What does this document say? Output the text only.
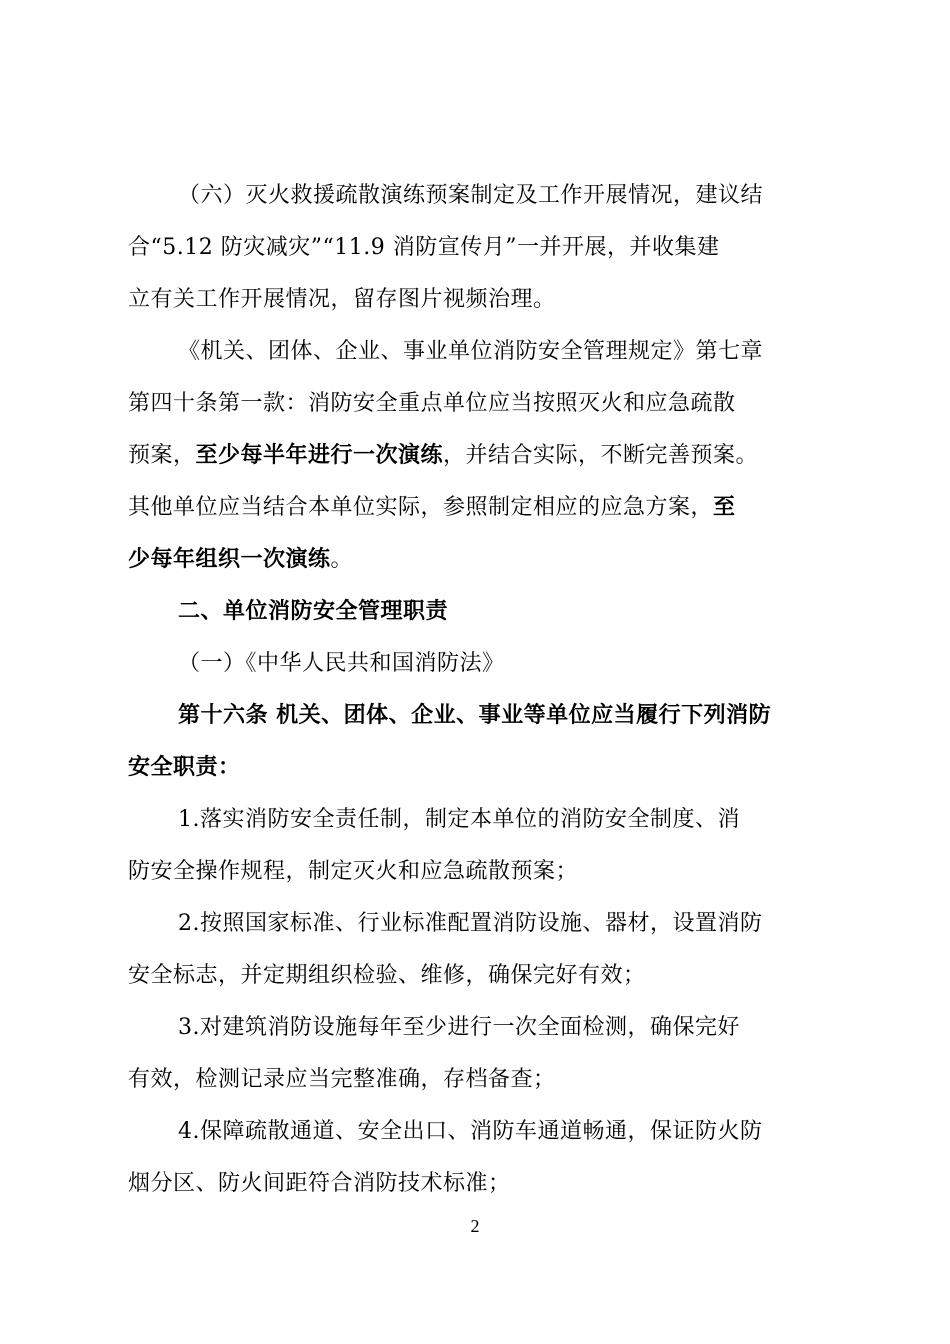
（六）灭火救援疏散演练预案制定及工作开展情况，建议结
合“5.12 防灾减灾”“11.9 消防宣传月”一并开展，并收集建
立有关工作开展情况，留存图片视频治理。
《机关、团体、企业、事业单位消防安全管理规定》第七章
第四十条第一款：消防安全重点单位应当按照灭火和应急疏散
预案，至少每半年进行一次演练，并结合实际，不断完善预案。
其他单位应当结合本单位实际，参照制定相应的应急方案，至
少每年组织一次演练。
二、单位消防安全管理职责
（一）《中华人民共和国消防法》
第十六条 机关、团体、企业、事业等单位应当履行下列消防
安全职责：
1.落实消防安全责任制，制定本单位的消防安全制度、消
防安全操作规程，制定灭火和应急疏散预案；
2.按照国家标准、行业标准配置消防设施、器材，设置消防
安全标志，并定期组织检验、维修，确保完好有效；
3.对建筑消防设施每年至少进行一次全面检测，确保完好
有效，检测记录应当完整准确，存档备查；
4.保障疏散通道、安全出口、消防车通道畅通，保证防火防
烟分区、防火间距符合消防技术标准；
2
